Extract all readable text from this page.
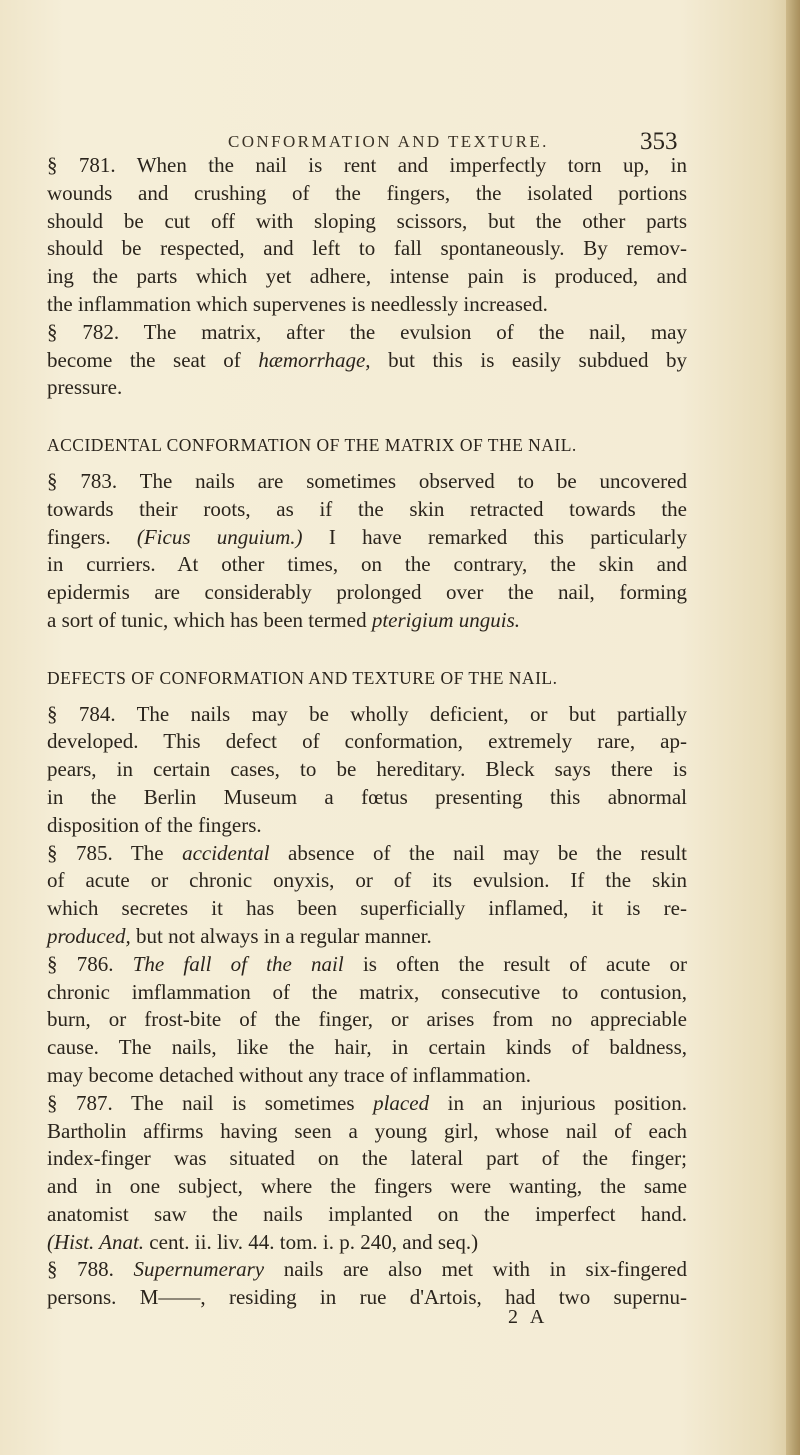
CONFORMATION AND TEXTURE.	353

§ 781. When the nail is rent and imperfectly torn up, in
wounds and crushing of the fingers, the isolated portions
should be cut off with sloping scissors, but the other parts
should be respected, and left to fall spontaneously. By remov-
ing the parts which yet adhere, intense pain is produced, and
the inflammation which supervenes is needlessly increased.

§ 782. The matrix, after the evulsion of the nail, may
become the seat of hæmorrhage, but this is easily subdued by
pressure.

ACCIDENTAL CONFORMATION OF THE MATRIX OF THE NAIL.

§ 783. The nails are sometimes observed to be uncovered
towards their roots, as if the skin retracted towards the
fingers. (Ficus unguium.) I have remarked this particularly
in curriers. At other times, on the contrary, the skin and
epidermis are considerably prolonged over the nail, forming
a sort of tunic, which has been termed pterigium unguis.

DEFECTS OF CONFORMATION AND TEXTURE OF THE NAIL.

§ 784. The nails may be wholly deficient, or but partially
developed. This defect of conformation, extremely rare, ap-
pears, in certain cases, to be hereditary. Bleck says there is
in the Berlin Museum a fœtus presenting this abnormal
disposition of the fingers.

§ 785. The accidental absence of the nail may be the result
of acute or chronic onyxis, or of its evulsion. If the skin
which secretes it has been superficially inflamed, it is re-
produced, but not always in a regular manner.

§ 786. The fall of the nail is often the result of acute or
chronic imflammation of the matrix, consecutive to contusion,
burn, or frost-bite of the finger, or arises from no appreciable
cause. The nails, like the hair, in certain kinds of baldness,
may become detached without any trace of inflammation.

§ 787. The nail is sometimes placed in an injurious position.
Bartholin affirms having seen a young girl, whose nail of each
index-finger was situated on the lateral part of the finger;
and in one subject, where the fingers were wanting, the same
anatomist saw the nails implanted on the imperfect hand.
(Hist. Anat. cent. ii. liv. 44. tom. i. p. 240, and seq.)

§ 788. Supernumerary nails are also met with in six-fingered
persons. M——, residing in rue d'Artois, had two supernu-

2 A
